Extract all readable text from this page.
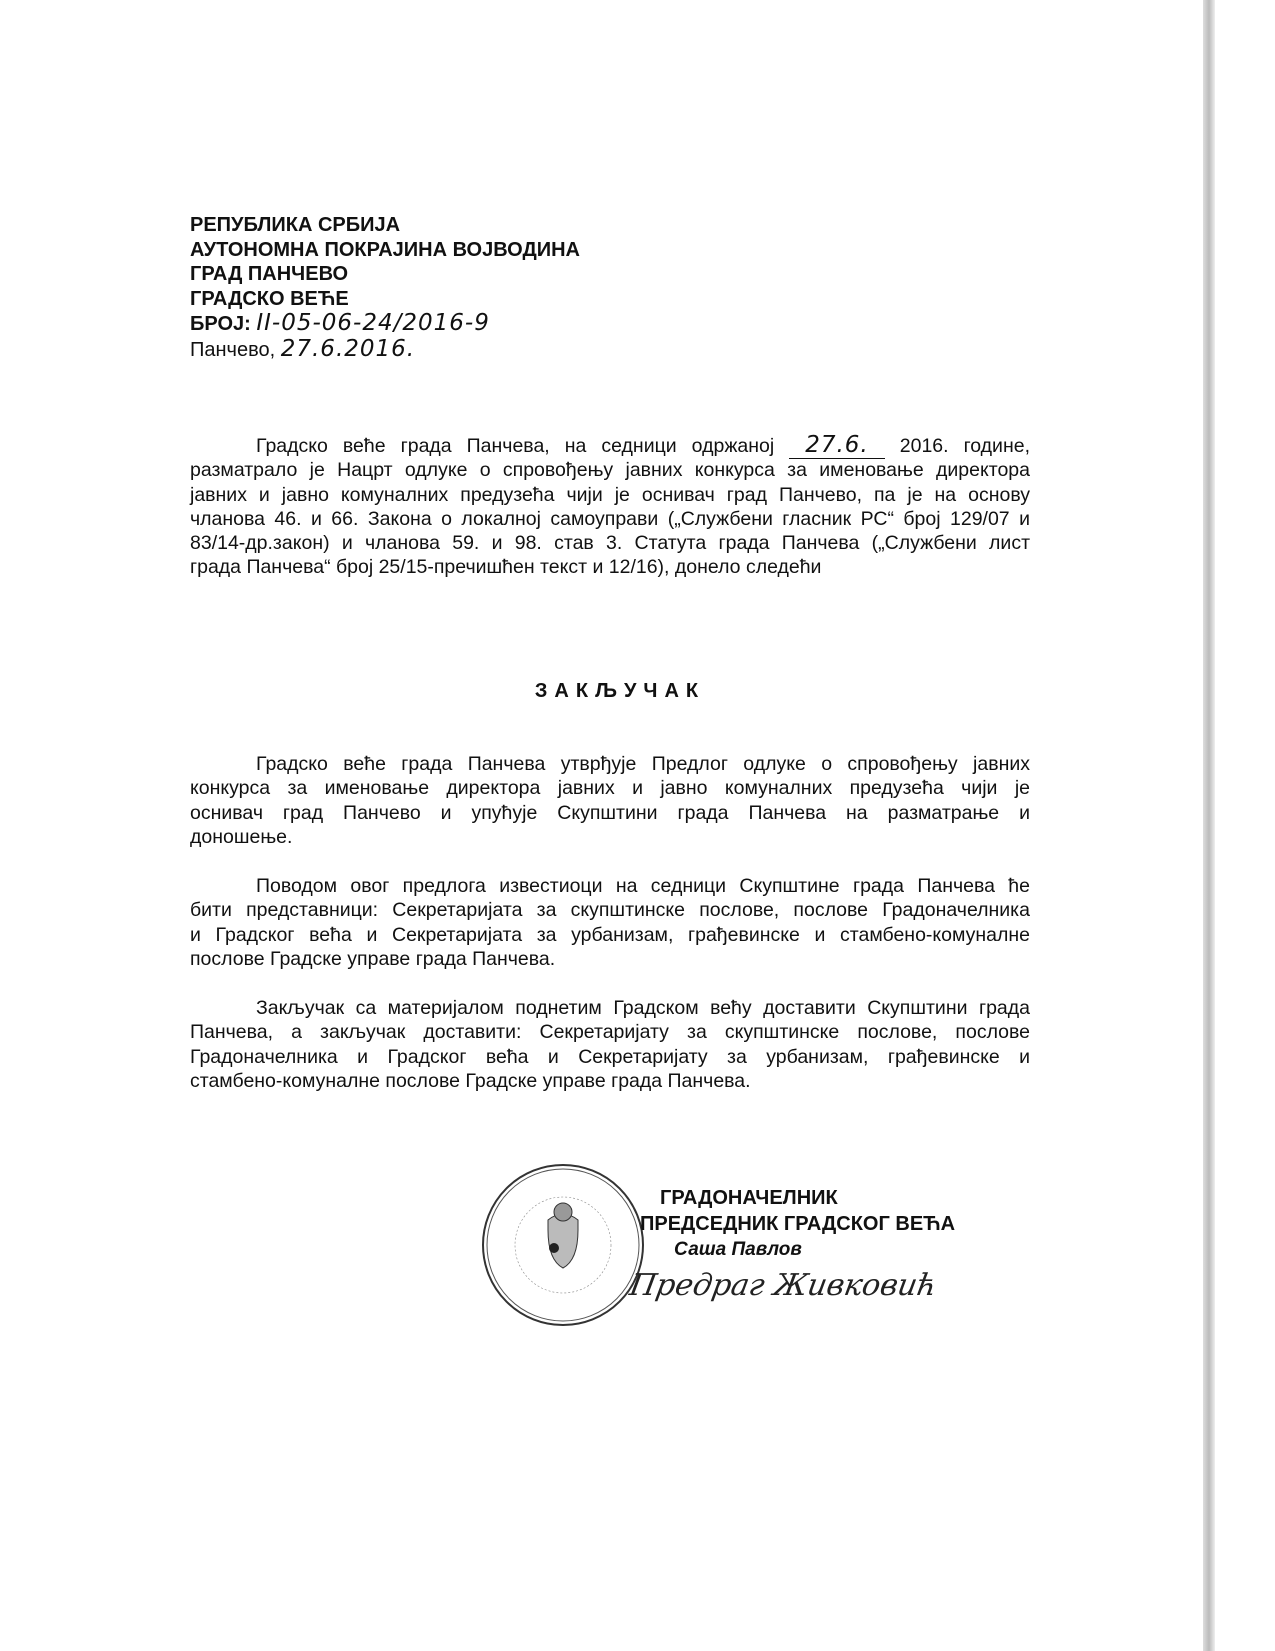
РЕПУБЛИКА СРБИЈА
АУТОНОМНА ПОКРАЈИНА ВОЈВОДИНА
ГРАД ПАНЧЕВО
ГРАДСКО ВЕЋЕ
БРОЈ: II-05-06-24/2016-9
Панчево, 27.6.2016.
Градско веће града Панчева, на седници одржаној 27.6. 2016. године,
разматрало је Нацрт одлуке о спровођењу јавних конкурса за именовање директора
јавних и јавно комуналних предузећа чији је оснивач град Панчево, па је на основу
чланова 46. и 66. Закона о локалној самоуправи („Службени гласник РС“ број 129/07 и
83/14-др.закон) и чланова 59. и 98. став 3. Статута града Панчева („Службени лист
града Панчева“ број 25/15-пречишћен текст и 12/16), донело следећи
ЗАКЉУЧАК
Градско веће града Панчева утврђује Предлог одлуке о спровођењу јавних
конкурса за именовање директора јавних и јавно комуналних предузећа чији је
оснивач град Панчево и упућује Скупштини града Панчева на разматрање и
доношење.
Поводом овог предлога известиоци на седници Скупштине града Панчева ће
бити представници: Секретаријата за скупштинске послове, послове Градоначелника
и Градског већа и Секретаријата за урбанизам, грађевинске и стамбено-комуналне
послове Градске управе града Панчева.
Закључак са материјалом поднетим Градском већу доставити Скупштини града
Панчева, а закључак доставити: Секретаријату за скупштинске послове, послове
Градоначелника и Градског већа и Секретаријату за урбанизам, грађевинске и
стамбено-комуналне послове Градске управе града Панчева.
ГРАДОНАЧЕЛНИК
ПРЕДСЕДНИК ГРАДСКОГ ВЕЋА
Саша Павлов
Предраг Живковић
